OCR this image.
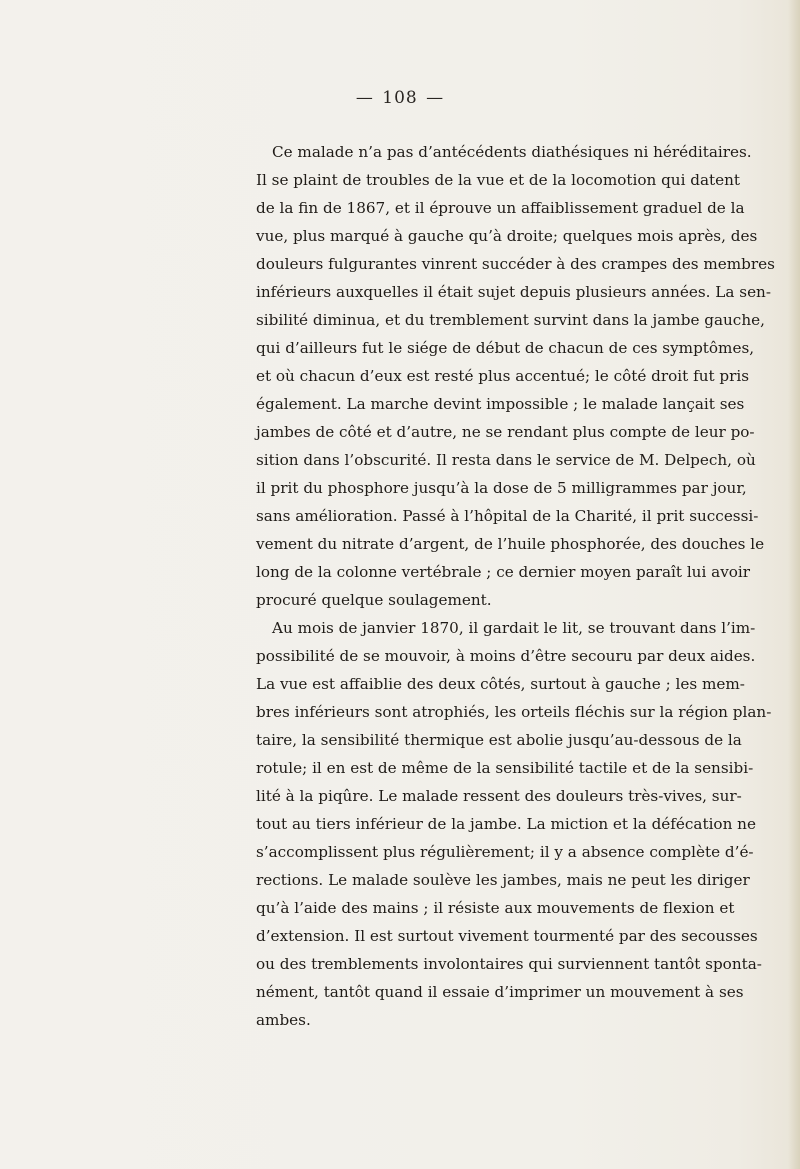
— 108 —
Ce malade n’a pas d’antécédents diathésiques ni héréditaires.
Il se plaint de troubles de la vue et de la locomotion qui datent
de la fin de 1867, et il éprouve un affaiblissement graduel de la
vue, plus marqué à gauche qu’à droite; quelques mois après, des
douleurs fulgurantes vinrent succéder à des crampes des membres
inférieurs auxquelles il était sujet depuis plusieurs années. La sen-
sibilité diminua, et du tremblement survint dans la jambe gauche,
qui d’ailleurs fut le siége de début de chacun de ces symptômes,
et où chacun d’eux est resté plus accentué; le côté droit fut pris
également. La marche devint impossible ; le malade lançait ses
jambes de côté et d’autre, ne se rendant plus compte de leur po-
sition dans l’obscurité. Il resta dans le service de M. Delpech, où
il prit du phosphore jusqu’à la dose de 5 milligrammes par jour,
sans amélioration. Passé à l’hôpital de la Charité, il prit successi-
vement du nitrate d’argent, de l’huile phosphorée, des douches le
long de la colonne vertébrale ; ce dernier moyen paraît lui avoir
procuré quelque soulagement.
Au mois de janvier 1870, il gardait le lit, se trouvant dans l’im-
possibilité de se mouvoir, à moins d’être secouru par deux aides.
La vue est affaiblie des deux côtés, surtout à gauche ; les mem-
bres inférieurs sont atrophiés, les orteils fléchis sur la région plan-
taire, la sensibilité thermique est abolie jusqu’au-dessous de la
rotule; il en est de même de la sensibilité tactile et de la sensibi-
lité à la piqûre. Le malade ressent des douleurs très-vives, sur-
tout au tiers inférieur de la jambe. La miction et la défécation ne
s’accomplissent plus régulièrement; il y a absence complète d’é-
rections. Le malade soulève les jambes, mais ne peut les diriger
qu’à l’aide des mains ; il résiste aux mouvements de flexion et
d’extension. Il est surtout vivement tourmenté par des secousses
ou des tremblements involontaires qui surviennent tantôt sponta-
nément, tantôt quand il essaie d’imprimer un mouvement à ses
ambes.
